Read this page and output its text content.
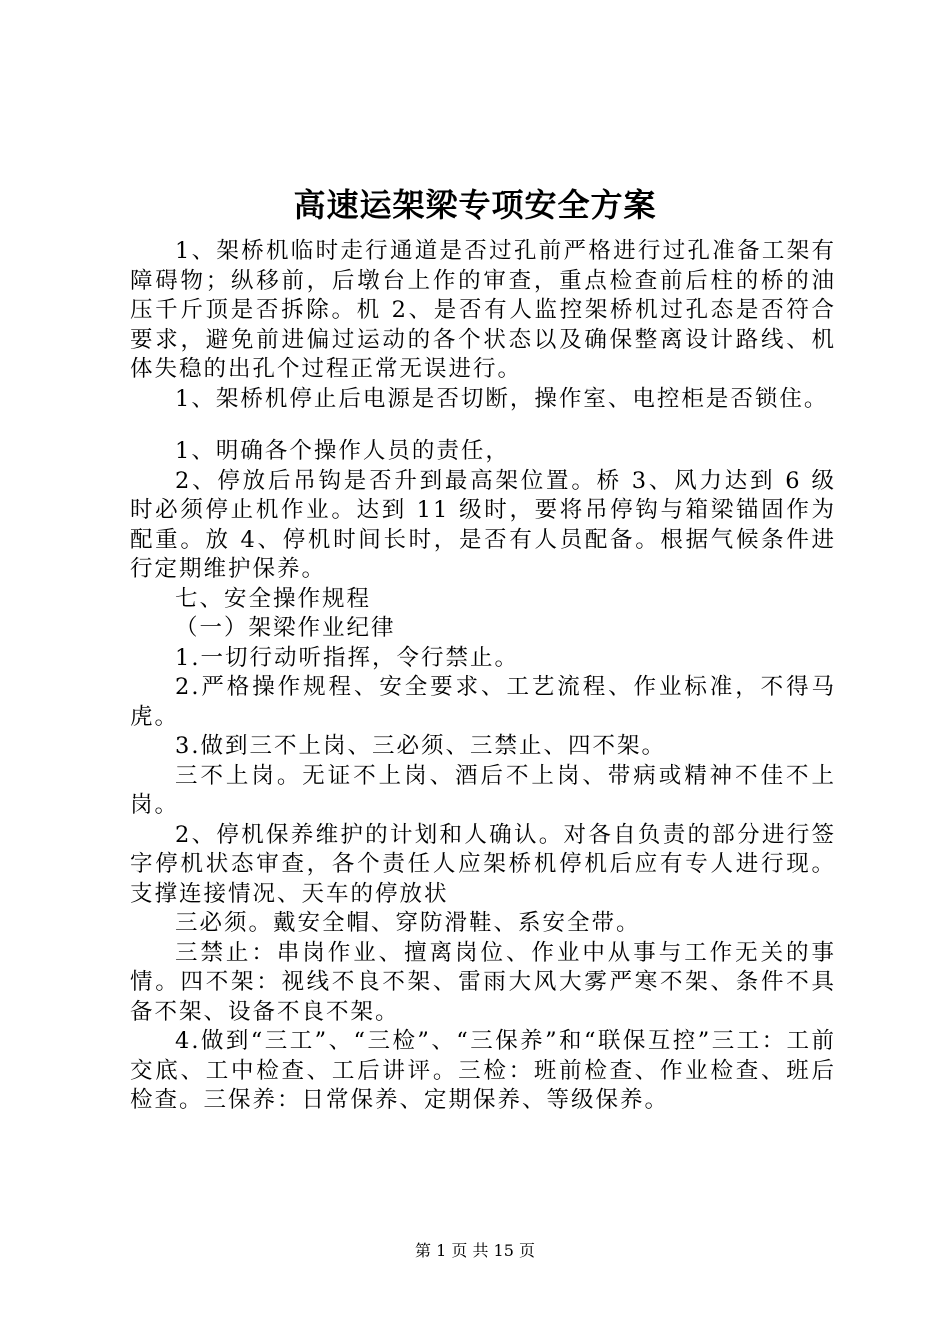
高速运架梁专项安全方案

1、架桥机临时走行通道是否过孔前严格进行过孔准备工架有障碍物；纵移前，后墩台上作的审查，重点检查前后柱的桥的油压千斤顶是否拆除。机 2、是否有人监控架桥机过孔态是否符合要求，避免前进偏过运动的各个状态以及确保整离设计路线、机体失稳的出孔个过程正常无误进行。

1、架桥机停止后电源是否切断，操作室、电控柜是否锁住。

1、明确各个操作人员的责任，

2、停放后吊钩是否升到最高架位置。桥 3、风力达到 6 级时必须停止机作业。达到 11 级时，要将吊停钩与箱梁锚固作为配重。放 4、停机时间长时，是否有人员配备。根据气候条件进行定期维护保养。

七、安全操作规程

（一）架梁作业纪律

1.一切行动听指挥，令行禁止。

2.严格操作规程、安全要求、工艺流程、作业标准，不得马虎。

3.做到三不上岗、三必须、三禁止、四不架。

三不上岗。无证不上岗、酒后不上岗、带病或精神不佳不上岗。

2、停机保养维护的计划和人确认。对各自负责的部分进行签字停机状态审查，各个责任人应架桥机停机后应有专人进行现。支撑连接情况、天车的停放状

三必须。戴安全帽、穿防滑鞋、系安全带。

三禁止：串岗作业、擅离岗位、作业中从事与工作无关的事情。四不架：视线不良不架、雷雨大风大雾严寒不架、条件不具备不架、设备不良不架。

4.做到“三工”、“三检”、“三保养”和“联保互控”三工：工前交底、工中检查、工后讲评。三检：班前检查、作业检查、班后检查。三保养：日常保养、定期保养、等级保养。

第 1 页 共 15 页
